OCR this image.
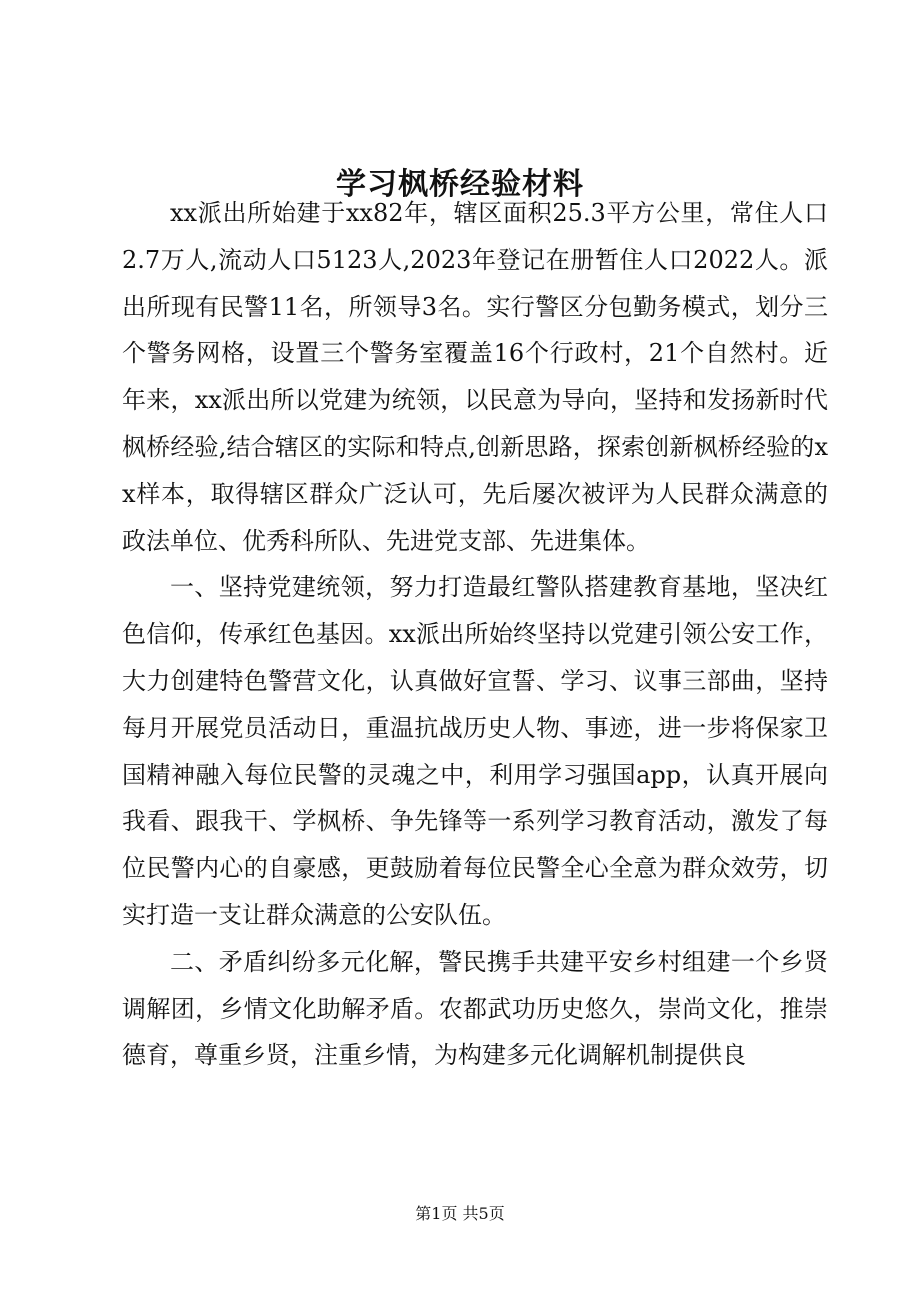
学习枫桥经验材料

xx派出所始建于xx82年，辖区面积25.3平方公里，常住人口2.7万人,流动人口5123人,2023年登记在册暂住人口2022人。派出所现有民警11名，所领导3名。实行警区分包勤务模式，划分三个警务网格，设置三个警务室覆盖16个行政村，21个自然村。近年来，xx派出所以党建为统领，以民意为导向，坚持和发扬新时代枫桥经验,结合辖区的实际和特点,创新思路，探索创新枫桥经验的xx样本，取得辖区群众广泛认可，先后屡次被评为人民群众满意的政法单位、优秀科所队、先进党支部、先进集体。

一、坚持党建统领，努力打造最红警队搭建教育基地，坚决红色信仰，传承红色基因。xx派出所始终坚持以党建引领公安工作，大力创建特色警营文化，认真做好宣誓、学习、议事三部曲，坚持每月开展党员活动日，重温抗战历史人物、事迹，进一步将保家卫国精神融入每位民警的灵魂之中，利用学习强国app，认真开展向我看、跟我干、学枫桥、争先锋等一系列学习教育活动，激发了每位民警内心的自豪感，更鼓励着每位民警全心全意为群众效劳，切实打造一支让群众满意的公安队伍。

二、矛盾纠纷多元化解，警民携手共建平安乡村组建一个乡贤调解团，乡情文化助解矛盾。农都武功历史悠久，崇尚文化，推崇德育，尊重乡贤，注重乡情，为构建多元化调解机制提供良

第1页 共5页
